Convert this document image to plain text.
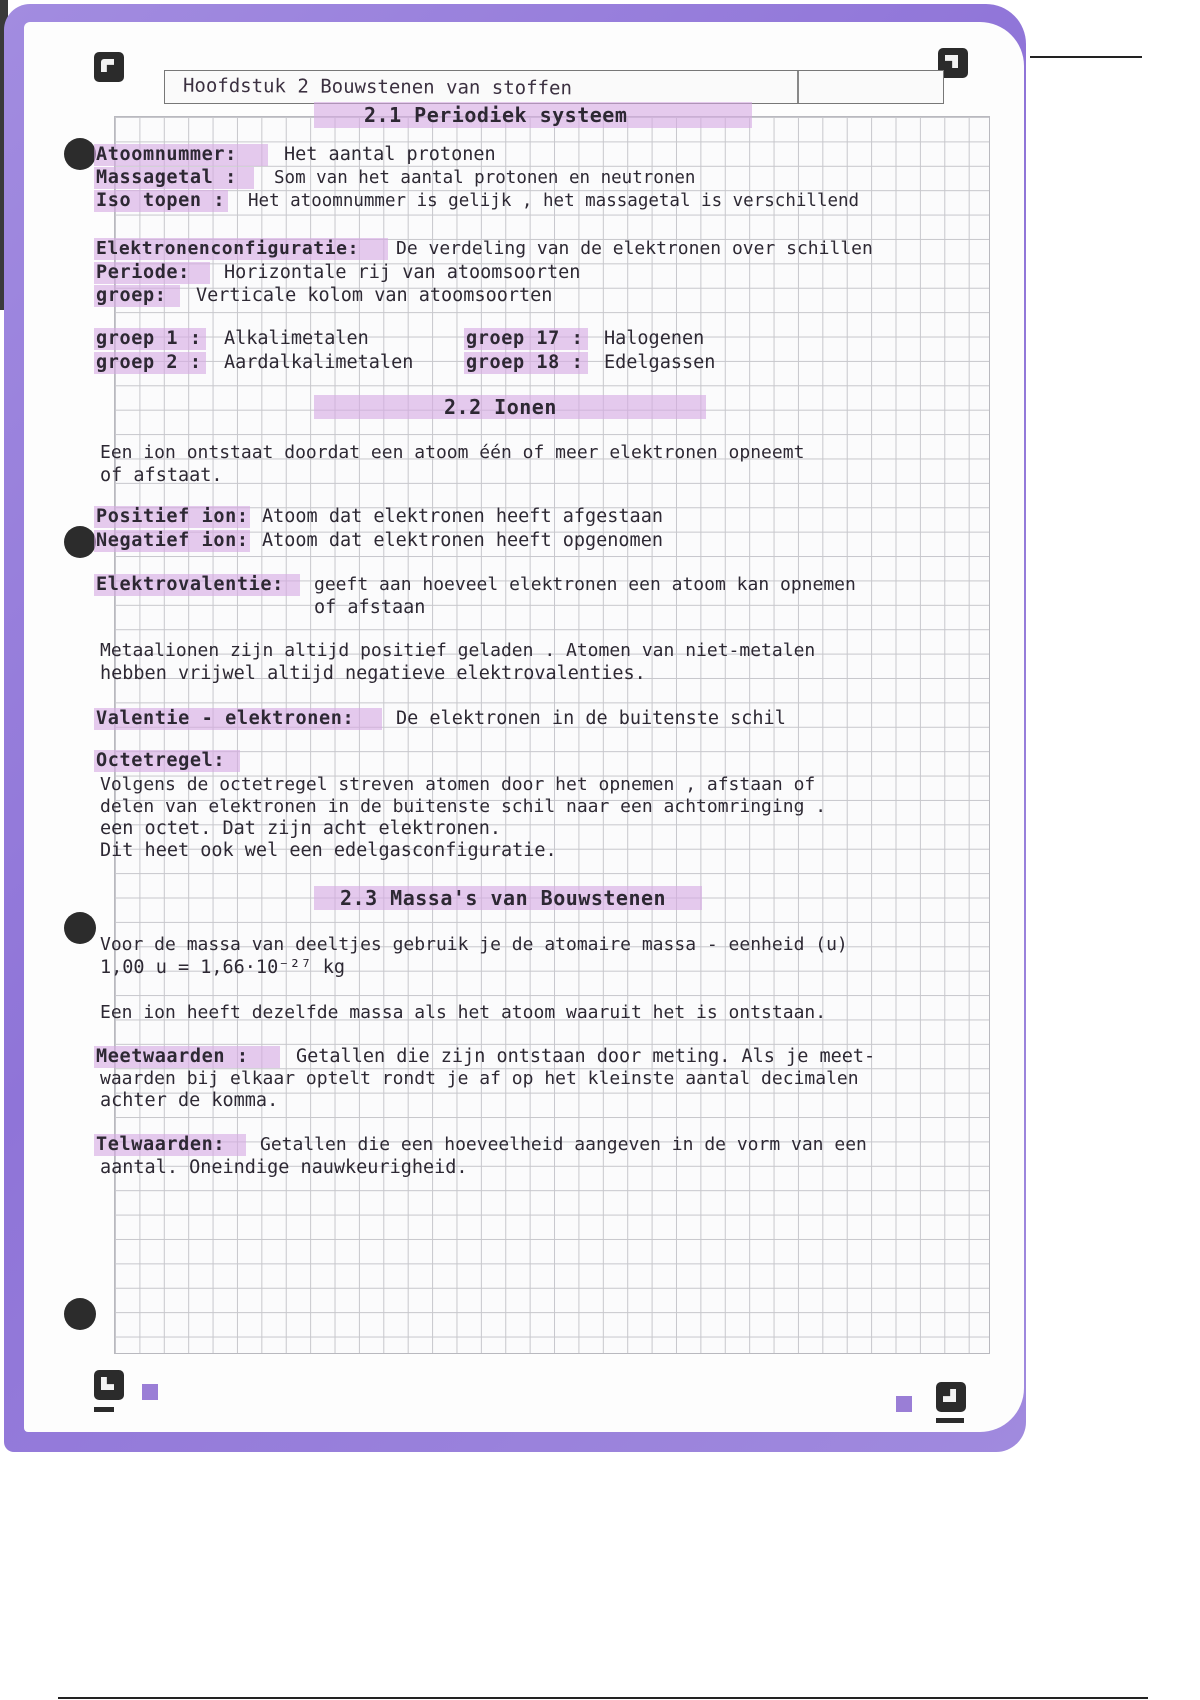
Hoofdstuk 2 Bouwstenen van stoffen
2.1 Periodiek systeem
Atoomnummer:	Het aantal protonen
Massagetal : Som van het aantal protonen en neutronen
Iso topen : Het atoomnummer is gelijk , het massagetal is verschillend
Elektronenconfiguratie: De verdeling van de elektronen over schillen
Periode: Horizontale rij van atoomsoorten
groep: Verticale kolom van atoomsoorten
groep 1 : Alkalimetalen
groep 2 : Aardalkalimetalen
groep 17 : Halogenen
groep 18 : Edelgassen
2.2 Ionen
Een ion ontstaat doordat een atoom één of meer elektronen opneemt
of afstaat.
Positief ion: Atoom dat elektronen heeft afgestaan
Negatief ion: Atoom dat elektronen heeft opgenomen
Elektrovalentie: geeft aan hoeveel elektronen een atoom kan opnemen
of afstaan
Metaalionen zijn altijd positief geladen . Atomen van niet-metalen
hebben vrijwel altijd negatieve elektrovalenties.
Valentie - elektronen: De elektronen in de buitenste schil
Octetregel:
Volgens de octetregel streven atomen door het opnemen , afstaan of
delen van elektronen in de buitenste schil naar een achtomringing .
een octet. Dat zijn acht elektronen.
Dit heet ook wel een edelgasconfiguratie.
2.3 Massa's van Bouwstenen
Voor de massa van deeltjes gebruik je de atomaire massa - eenheid (u)
1,00 u = 1,66·10⁻²⁷ kg
Een ion heeft dezelfde massa als het atoom waaruit het is ontstaan.
Meetwaarden :	Getallen die zijn ontstaan door meting. Als je meet-
waarden bij elkaar optelt rondt je af op het kleinste aantal decimalen
achter de komma.
Telwaarden: Getallen die een hoeveelheid aangeven in de vorm van een
aantal. Oneindige nauwkeurigheid.
